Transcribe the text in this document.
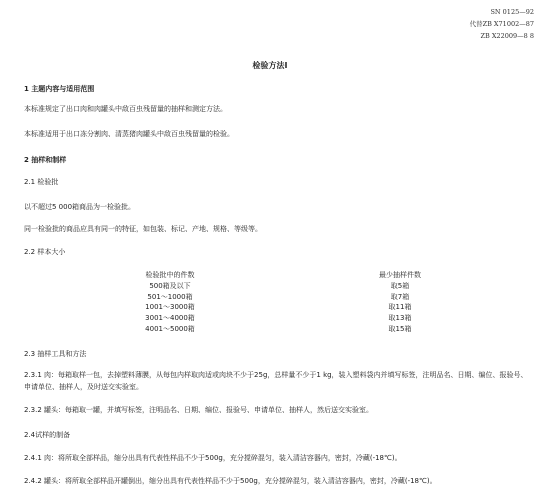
SN 0125—92
代替ZB X71002—87
ZB X22009—8 8
检验方法I
1 主题内容与适用范围
本标准规定了出口肉和肉罐头中敌百虫残留量的抽样和测定方法。
本标准适用于出口冻分割肉、清蒸猪肉罐头中敌百虫残留量的检验。
2 抽样和制样
2.1 检验批
以不超过5 000箱商品为一检验批。
同一检验批的商品应具有同一的特征，如包装、标记、产地、规格、等级等。
2.2 样本大小
检验批中的件数
500箱及以下
501～1000箱
1001～3000箱
3001～4000箱
4001～5000箱
最少抽样件数
取5箱
取7箱
取11箱
取13箱
取15箱
2.3 抽样工具和方法
2.3.1 肉：每箱取样一包，去掉塑料薄膜，从每包内样取肉适或肉块不少于25g，总样量不少于1 kg，装入塑料袋内并填写标签，注明品名、日期、编位、报验号、申请单位、抽样人，及时送交实验室。
2.3.2 罐头：每箱取一罐，并填写标签，注明品名、日期、编位、报验号、申请单位、抽样人，然后送交实验室。
2.4试样的制备
2.4.1 肉：将所取全部样品，缩分出具有代表性样品不少于500g，充分搅碎混匀，装入清洁容器内，密封，冷藏(-18℃)。
2.4.2 罐头：将所取全部样品开罐倒出，缩分出具有代表性样品不少于500g，充分搅碎混匀，装入清洁容器内，密封，冷藏(-18℃)。
